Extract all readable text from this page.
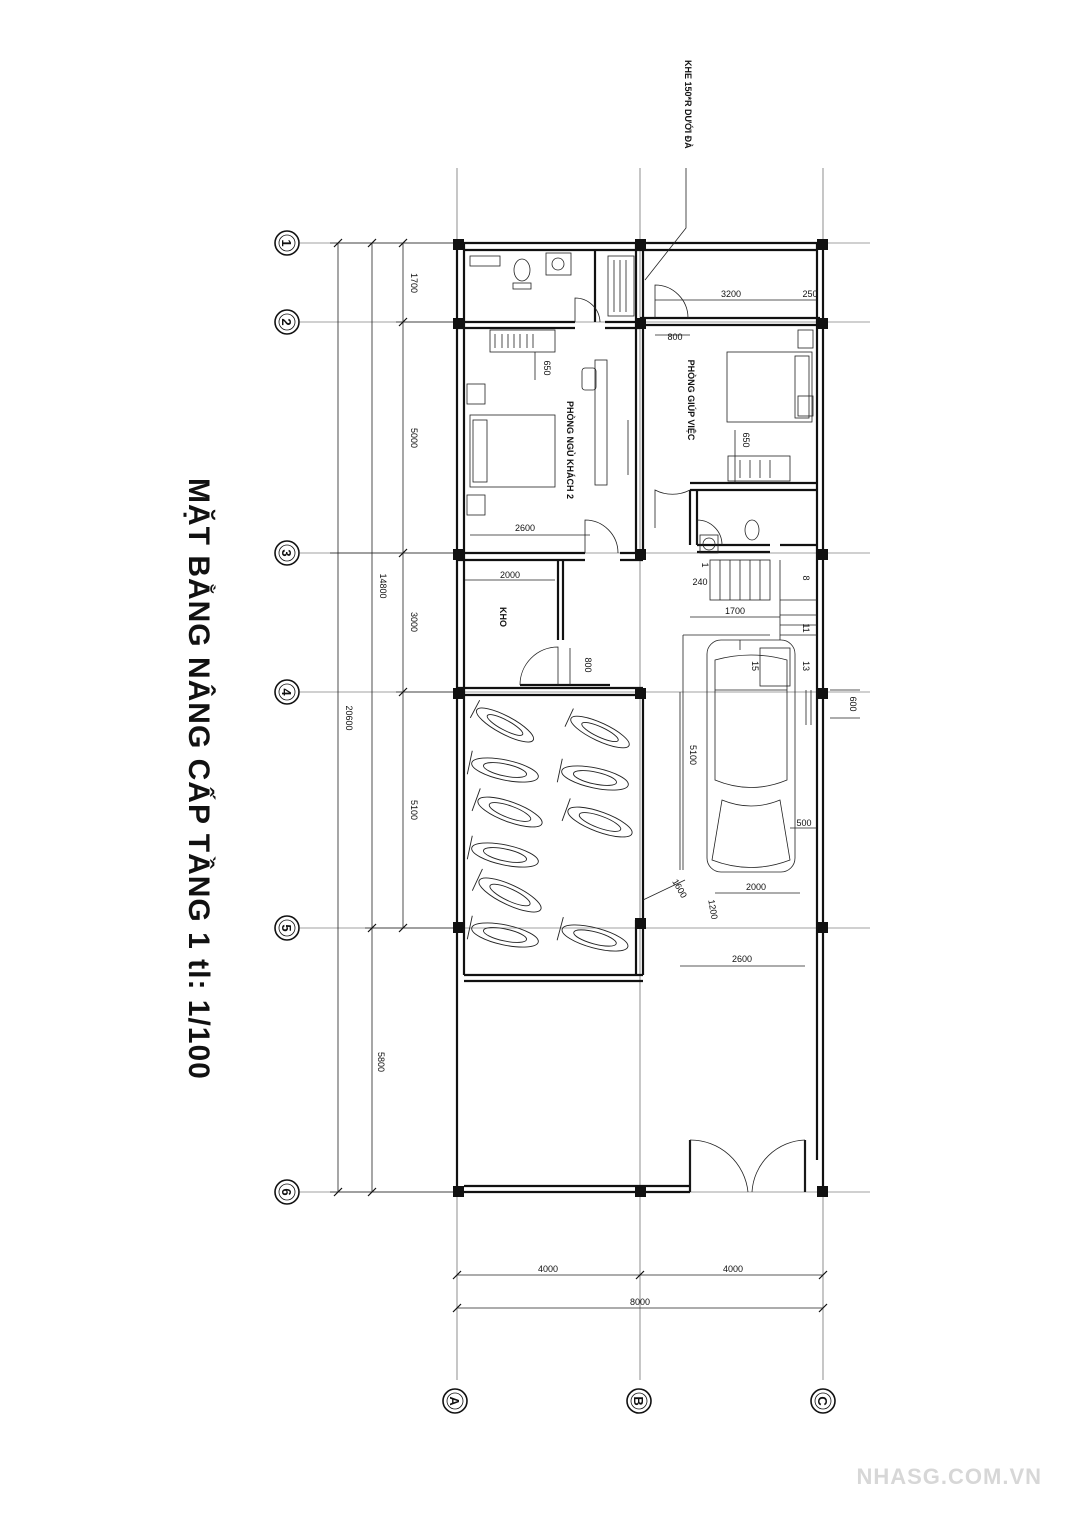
1
2
3
4
5
6
A	B	C
1700
5000
3000
5100
5800
14800
20600
4000	4000
8000
3200	250
800
650
650
2600
2000
800
240
1700
8
1
11
15	13
600
5100
500
1600
1200
2000
2600
PHÒNG NGỦ KHÁCH 2
PHÒNG GIÚP VIỆC
KHO
KHE 150*R DƯỚI ĐÀ
MẶT BẰNG NÂNG CẤP TẦNG 1 tl: 1/100
NHASG.COM.VN
